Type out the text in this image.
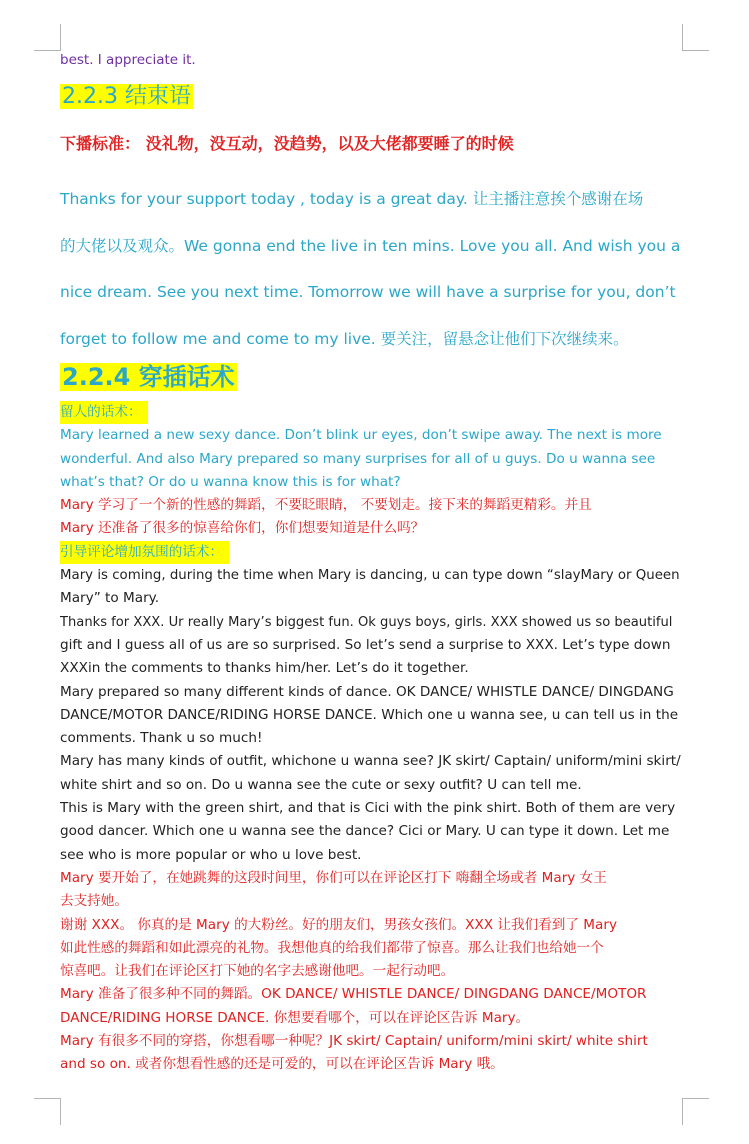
best. I appreciate it.
2.2.3 结束语
下播标准： 没礼物，没互动，没趋势，以及大佬都要睡了的时候

Thanks for your support today , today is a great day. 让主播注意挨个感谢在场

的大佬以及观众。We gonna end the live in ten mins. Love you all. And wish you a

nice dream. See you next time. Tomorrow we will have a surprise for you, don’t

forget to follow me and come to my live. 要关注，留悬念让他们下次继续来。

2.2.4 穿插话术

留人的话术：

Mary learned a new sexy dance. Don’t blink ur eyes, don’t swipe away. The next is more

wonderful. And also Mary prepared so many surprises for all of u guys. Do u wanna see

what’s that? Or do u wanna know this is for what?

Mary 学习了一个新的性感的舞蹈，不要眨眼睛， 不要划走。接下来的舞蹈更精彩。并且

Mary 还准备了很多的惊喜给你们，你们想要知道是什么吗？

引导评论增加氛围的话术：

Mary is coming, during the time when Mary is dancing, u can type down “slayMary or Queen

Mary” to Mary.

Thanks for XXX. Ur really Mary’s biggest fun. Ok guys boys, girls. XXX showed us so beautiful

gift and I guess all of us are so surprised. So let’s send a surprise to XXX. Let’s type down

XXXin the comments to thanks him/her. Let’s do it together.

Mary prepared so many different kinds of dance. OK DANCE/ WHISTLE DANCE/ DINGDANG

DANCE/MOTOR DANCE/RIDING HORSE DANCE. Which one u wanna see, u can tell us in the

comments. Thank u so much!

Mary has many kinds of outfit, whichone u wanna see? JK skirt/ Captain/ uniform/mini skirt/

white shirt and so on. Do u wanna see the cute or sexy outfit? U can tell me.

This is Mary with the green shirt, and that is Cici with the pink shirt. Both of them are very

good dancer. Which one u wanna see the dance? Cici or Mary. U can type it down. Let me

see who is more popular or who u love best.

Mary 要开始了，在她跳舞的这段时间里，你们可以在评论区打下 嗨翻全场或者 Mary 女王

去支持她。

谢谢 XXX。 你真的是 Mary 的大粉丝。好的朋友们，男孩女孩们。XXX 让我们看到了 Mary

如此性感的舞蹈和如此漂亮的礼物。我想他真的给我们都带了惊喜。那么让我们也给她一个

惊喜吧。让我们在评论区打下她的名字去感谢他吧。一起行动吧。

Mary 准备了很多种不同的舞蹈。OK DANCE/ WHISTLE DANCE/ DINGDANG DANCE/MOTOR

DANCE/RIDING HORSE DANCE. 你想要看哪个，可以在评论区告诉 Mary。

Mary 有很多不同的穿搭，你想看哪一种呢？JK skirt/ Captain/ uniform/mini skirt/ white shirt

and so on. 或者你想看性感的还是可爱的，可以在评论区告诉 Mary 哦。
